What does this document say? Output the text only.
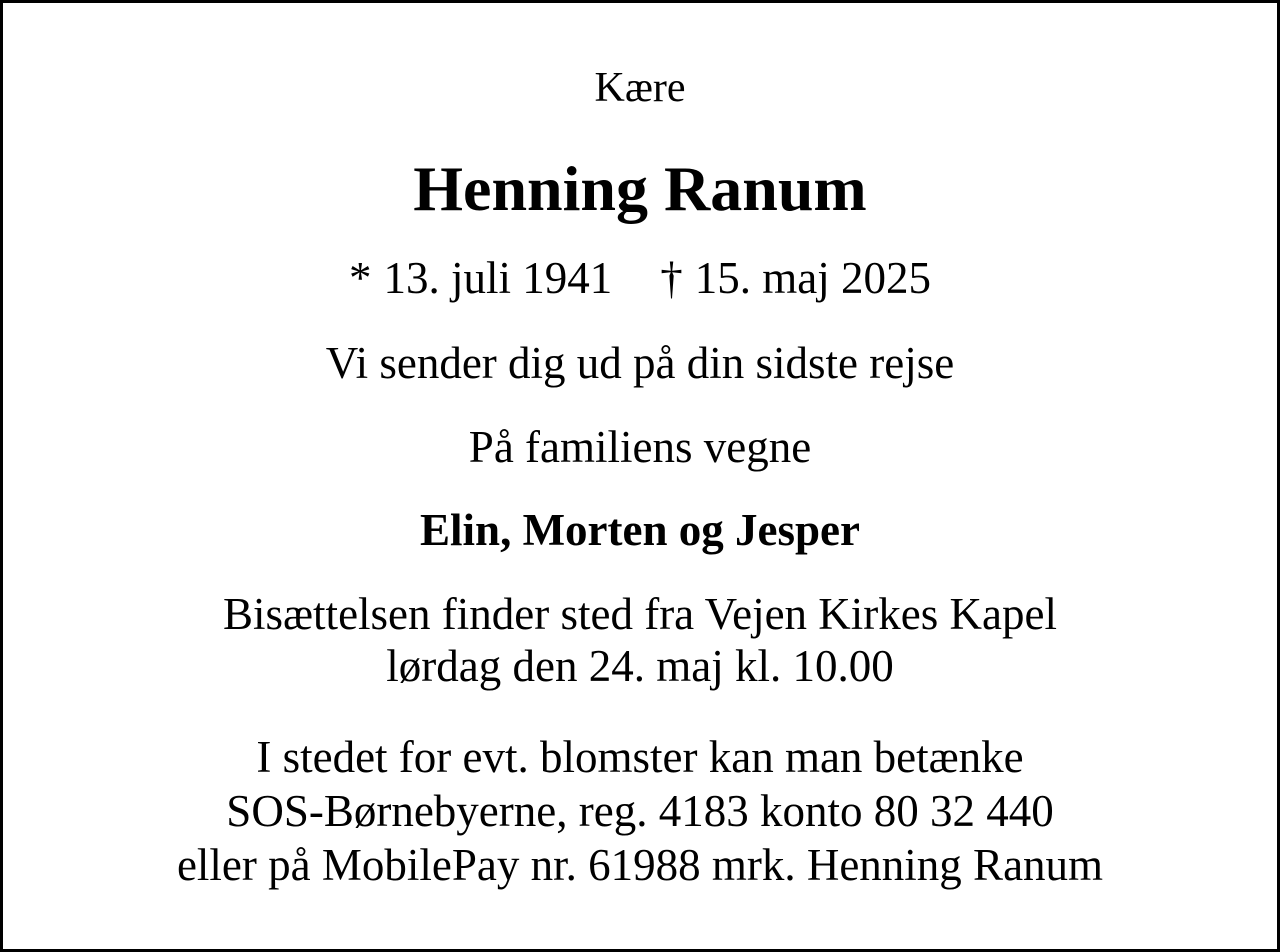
Kære
Henning Ranum
* 13. juli 1941 † 15. maj 2025
Vi sender dig ud på din sidste rejse
På familiens vegne
Elin, Morten og Jesper
Bisættelsen finder sted fra Vejen Kirkes Kapel
lørdag den 24. maj kl. 10.00
I stedet for evt. blomster kan man betænke
SOS-Børnebyerne, reg. 4183 konto 80 32 440
eller på MobilePay nr. 61988 mrk. Henning Ranum
